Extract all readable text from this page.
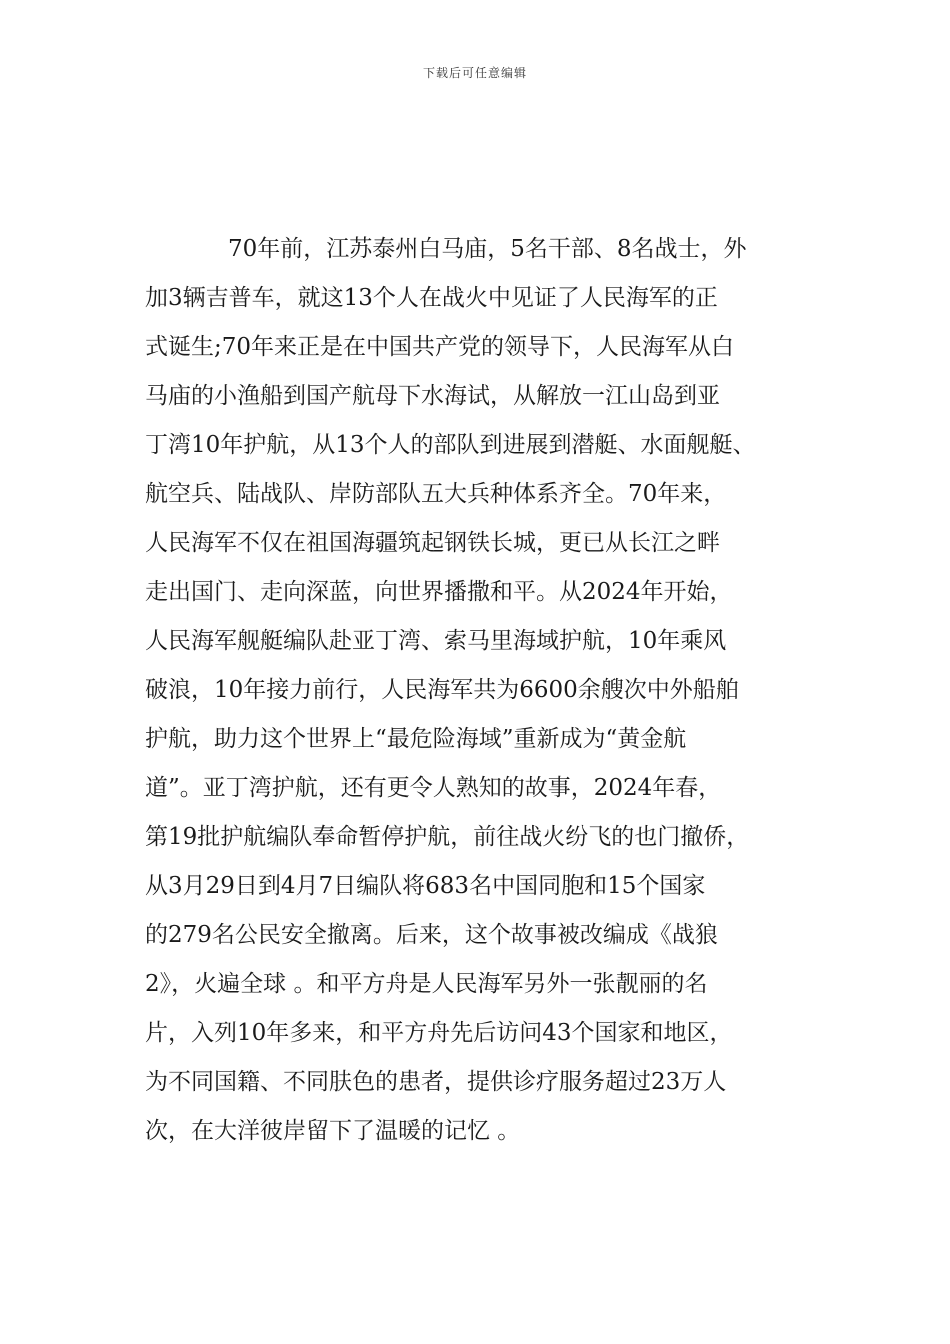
下载后可任意编辑
70年前，江苏泰州白马庙，5名干部、8名战士，外
加3辆吉普车，就这13个人在战火中见证了人民海军的正
式诞生;70年来正是在中国共产党的领导下，人民海军从白
马庙的小渔船到国产航母下水海试，从解放一江山岛到亚
丁湾10年护航，从13个人的部队到进展到潜艇、水面舰艇、
航空兵、陆战队、岸防部队五大兵种体系齐全。70年来，
人民海军不仅在祖国海疆筑起钢铁长城，更已从长江之畔
走出国门、走向深蓝，向世界播撒和平。从2024年开始，
人民海军舰艇编队赴亚丁湾、索马里海域护航，10年乘风
破浪，10年接力前行，人民海军共为6600余艘次中外船舶
护航，助力这个世界上“最危险海域”重新成为“黄金航
道”。亚丁湾护航，还有更令人熟知的故事，2024年春，
第19批护航编队奉命暂停护航，前往战火纷飞的也门撤侨，
从3月29日到4月7日编队将683名中国同胞和15个国家
的279名公民安全撤离。后来，这个故事被改编成《战狼
2》，火遍全球 。和平方舟是人民海军另外一张靓丽的名
片，入列10年多来，和平方舟先后访问43个国家和地区，
为不同国籍、不同肤色的患者，提供诊疗服务超过23万人
次，在大洋彼岸留下了温暖的记忆 。
